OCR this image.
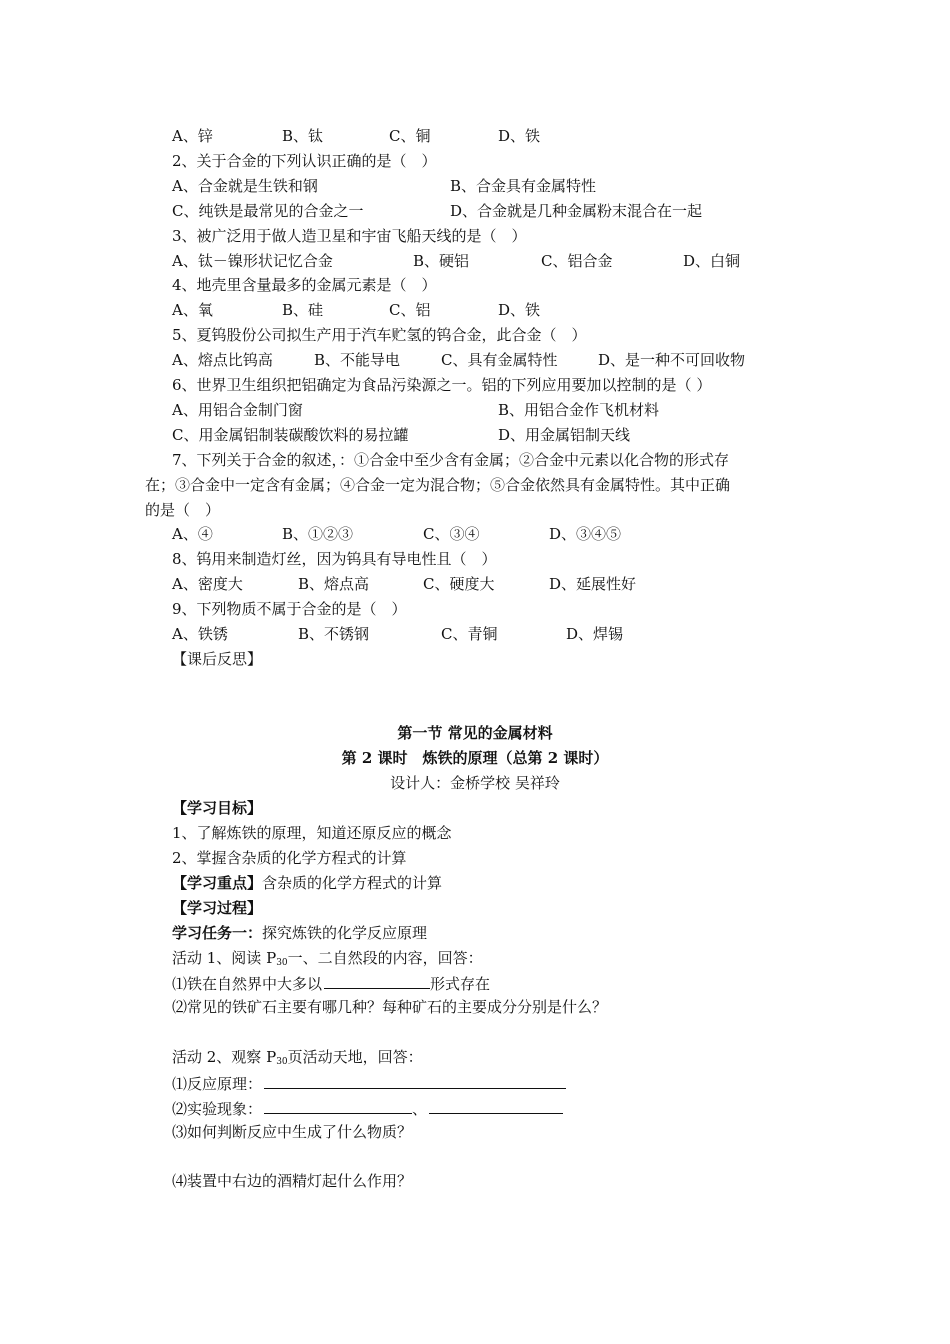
A、锌	B、钛	C、铜	D、铁
2、关于合金的下列认识正确的是（　）
A、合金就是生铁和钢	B、合金具有金属特性
C、纯铁是最常见的合金之一	D、合金就是几种金属粉末混合在一起
3、被广泛用于做人造卫星和宇宙飞船天线的是（　）
A、钛－镍形状记忆合金	B、硬铝	C、铝合金	D、白铜
4、地壳里含量最多的金属元素是（　）
A、氧	B、硅	C、铝	D、铁
5、夏钨股份公司拟生产用于汽车贮氢的钨合金，此合金（　）
A、熔点比钨高	B、不能导电	C、具有金属特性	D、是一种不可回收物
6、世界卫生组织把铝确定为食品污染源之一。铝的下列应用要加以控制的是（ ）
A、用铝合金制门窗	B、用铝合金作飞机材料
C、用金属铝制装碳酸饮料的易拉罐	D、用金属铝制天线
7、下列关于合金的叙述，：①合金中至少含有金属；②合金中元素以化合物的形式存
在；③合金中一定含有金属；④合金一定为混合物；⑤合金依然具有金属特性。其中正确
的是（　）
A、④	B、①②③	C、③④	D、③④⑤
8、钨用来制造灯丝，因为钨具有导电性且（　）
A、密度大	B、熔点高	C、硬度大	D、延展性好
9、下列物质不属于合金的是（　）
A、铁锈	B、不锈钢	C、青铜	D、焊锡
【课后反思】
第一节 常见的金属材料
第 2 课时　炼铁的原理（总第 2 课时）
设计人：金桥学校 吴祥玲
【学习目标】
1、了解炼铁的原理，知道还原反应的概念
2、掌握含杂质的化学方程式的计算
【学习重点】含杂质的化学方程式的计算
【学习过程】
学习任务一：探究炼铁的化学反应原理
活动 1、阅读 $P_{30}$一、二自然段的内容，回答：
⑴铁在自然界中大多以	形式存在
⑵常见的铁矿石主要有哪几种？每种矿石的主要成分分别是什么？
活动 2、观察 $P_{30}$页活动天地，回答：
⑴反应原理：
⑵实验现象：	、
⑶如何判断反应中生成了什么物质？
⑷装置中右边的酒精灯起什么作用？
